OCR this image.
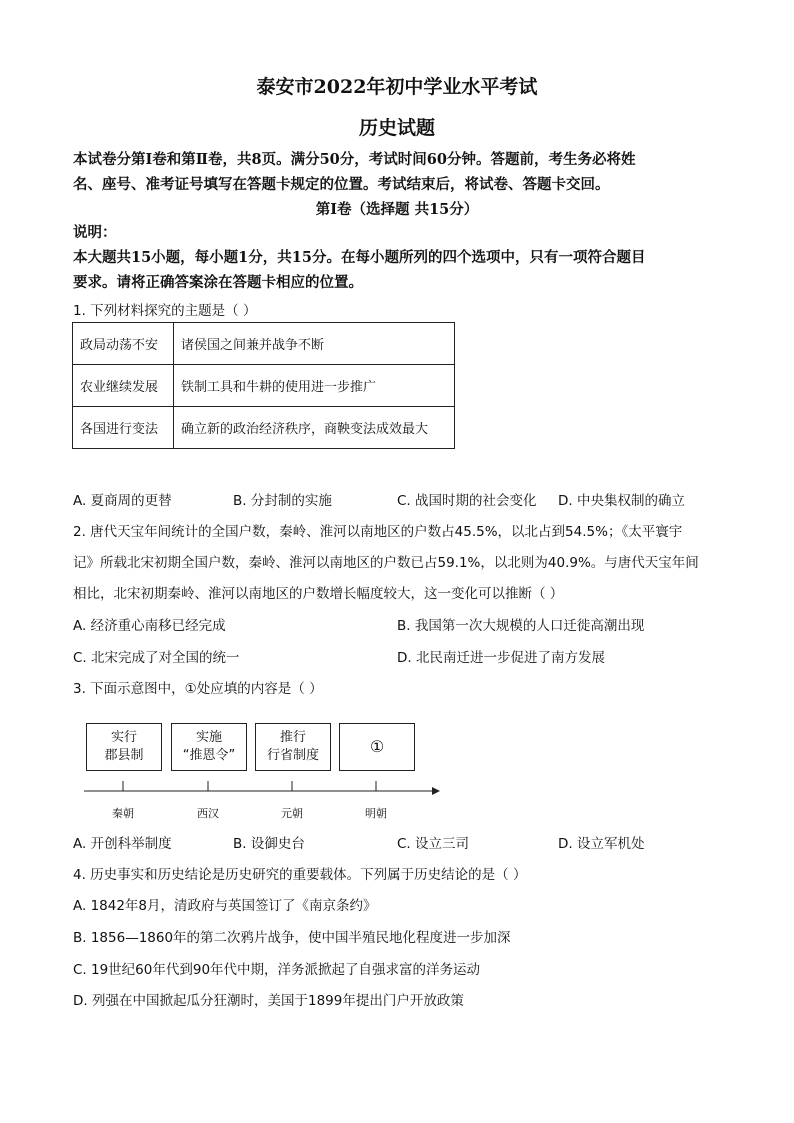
泰安市2022年初中学业水平考试
历史试题
本试卷分第Ⅰ卷和第Ⅱ卷，共8页。满分50分，考试时间60分钟。答题前，考生务必将姓
名、座号、准考证号填写在答题卡规定的位置。考试结束后，将试卷、答题卡交回。
第Ⅰ卷（选择题 共15分）
说明：
本大题共15小题，每小题1分，共15分。在每小题所列的四个选项中，只有一项符合题目
要求。请将正确答案涂在答题卡相应的位置。
1. 下列材料探究的主题是（ ）
政局动荡不安	诸侯国之间兼并战争不断
农业继续发展	铁制工具和牛耕的使用进一步推广
各国进行变法	确立新的政治经济秩序，商鞅变法成效最大
A. 夏商周的更替	B. 分封制的实施	C. 战国时期的社会变化 D. 中央集权制的确立
2. 唐代天宝年间统计的全国户数，秦岭、淮河以南地区的户数占45.5%，以北占到54.5%；《太平寰宇
记》所载北宋初期全国户数，秦岭、淮河以南地区的户数已占59.1%，以北则为40.9%。与唐代天宝年间
相比，北宋初期秦岭、淮河以南地区的户数增长幅度较大，这一变化可以推断（ ）
A. 经济重心南移已经完成	B. 我国第一次大规模的人口迁徙高潮出现
C. 北宋完成了对全国的统一	D. 北民南迁进一步促进了南方发展
3. 下面示意图中，①处应填的内容是（ ）
实行
郡县制
实施
“推恩令”
推行
行省制度	①
秦朝	西汉	元朝	明朝
A. 开创科举制度	B. 设御史台	C. 设立三司	D. 设立军机处
4. 历史事实和历史结论是历史研究的重要载体。下列属于历史结论的是（ ）
A. 1842年8月，清政府与英国签订了《南京条约》
B. 1856—1860年的第二次鸦片战争，使中国半殖民地化程度进一步加深
C. 19世纪60年代到90年代中期，洋务派掀起了自强求富的洋务运动
D. 列强在中国掀起瓜分狂潮时，美国于1899年提出门户开放政策
